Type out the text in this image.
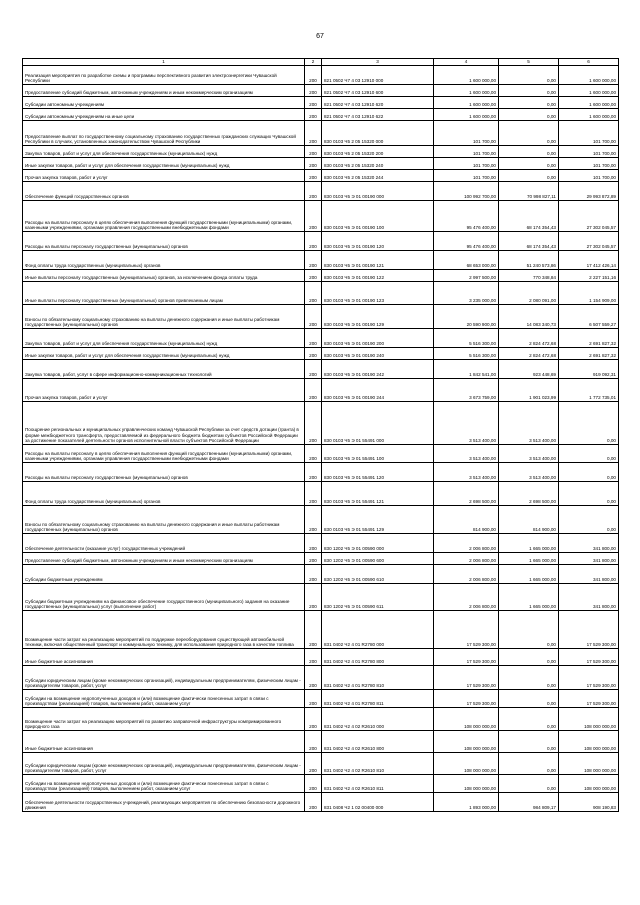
67
1	2	3	4	5	6
Реализация мероприятия по разработке схемы и программы перспективного развития электроэнергетики Чувашской Республики	200	821 0502 Ч7 4 03 12910 000	1 600 000,00	0,00	1 600 000,00
Предоставление субсидий бюджетным, автономным учреждениям и иным некоммерческим организациям	200	821 0502 Ч7 4 03 12910 600	1 600 000,00	0,00	1 600 000,00
Субсидии автономным учреждениям	200	821 0502 Ч7 4 03 12910 620	1 600 000,00	0,00	1 600 000,00
Субсидии автономным учреждениям на иные цели	200	821 0502 Ч7 4 03 12910 622	1 600 000,00	0,00	1 600 000,00
Предоставление выплат по государственному социальному страхованию государственных гражданских служащих Чувашской Республики в случаях, установленных законодательством Чувашской Республики	200	830 0103 Ч5 2 05 15320 000	101 700,00	0,00	101 700,00
Закупка товаров, работ и услуг для обеспечения государственных (муниципальных) нужд	200	830 0103 Ч5 2 05 15320 200	101 700,00	0,00	101 700,00
Иные закупки товаров, работ и услуг для обеспечения государственных (муниципальных) нужд	200	830 0103 Ч5 2 05 15320 240	101 700,00	0,00	101 700,00
Прочая закупка товаров, работ и услуг	200	830 0103 Ч5 2 05 15320 244	101 700,00	0,00	101 700,00
Обеспечение функций государственных органов	200	830 0103 Ч5 Э 01 00190 000	100 992 700,00	70 998 827,11	29 993 872,89
Расходы на выплаты персоналу в целях обеспечения выполнения функций государственными (муниципальными) органами, казенными учреждениями, органами управления государственными внебюджетными фондами	200	830 0103 Ч5 Э 01 00190 100	95 476 400,00	68 174 354,43	27 302 045,57
Расходы на выплаты персоналу государственных (муниципальных) органов	200	830 0103 Ч5 Э 01 00190 120	95 476 400,00	68 174 354,43	27 302 045,57
Фонд оплаты труда государственных (муниципальных) органов	200	830 0103 Ч5 Э 01 00190 121	68 653 000,00	51 240 573,86	17 412 426,14
Иные выплаты персоналу государственных (муниципальных) органов, за исключением фонда оплаты труда	200	830 0103 Ч5 Э 01 00190 122	2 997 500,00	770 348,84	2 227 151,16
Иные выплаты персоналу государственных (муниципальных) органов привлекаемым лицам	200	830 0103 Ч5 Э 01 00190 123	3 235 000,00	2 080 091,00	1 154 909,00
Взносы по обязательному социальному страхованию на выплаты денежного содержания и иные выплаты работникам государственных (муниципальных) органов	200	830 0103 Ч5 Э 01 00190 129	20 590 900,00	14 083 340,73	6 507 559,27
Закупка товаров, работ и услуг для обеспечения государственных (муниципальных) нужд	200	830 0103 Ч5 Э 01 00190 200	5 516 300,00	2 824 472,68	2 691 827,32
Иные закупки товаров, работ и услуг для обеспечения государственных (муниципальных) нужд	200	830 0103 Ч5 Э 01 00190 240	5 516 300,00	2 824 472,68	2 691 827,32
Закупка товаров, работ, услуг в сфере информационно-коммуникационных технологий	200	830 0103 Ч5 Э 01 00190 242	1 842 541,00	923 448,69	919 092,31
Прочая закупка товаров, работ и услуг	200	830 0103 Ч5 Э 01 00190 244	3 673 759,00	1 901 023,99	1 772 735,01
Поощрение региональных и муниципальных управленческих команд Чувашской Республики за счет средств дотации (гранта) в форме межбюджетного трансферта, предоставляемой из федерального бюджета бюджетам субъектов Российской Федерации за достижение показателей деятельности органов исполнительной власти субъектов Российской Федерации	200	830 0103 Ч5 Э 01 55491 000	3 513 400,00	3 513 400,00	0,00
Расходы на выплаты персоналу в целях обеспечения выполнения функций государственными (муниципальными) органами, казенными учреждениями, органами управления государственными внебюджетными фондами	200	830 0103 Ч5 Э 01 55491 100	3 513 400,00	3 513 400,00	0,00
Расходы на выплаты персоналу государственных (муниципальных) органов	200	830 0103 Ч5 Э 01 55491 120	3 513 400,00	3 513 400,00	0,00
Фонд оплаты труда государственных (муниципальных) органов	200	830 0103 Ч5 Э 01 55491 121	2 698 500,00	2 698 500,00	0,00
Взносы по обязательному социальному страхованию на выплаты денежного содержания и иные выплаты работникам государственных (муниципальных) органов	200	830 0103 Ч5 Э 01 55491 129	814 900,00	814 900,00	0,00
Обеспечение деятельности (оказание услуг) государственных учреждений	200	830 1202 Ч5 Э 01 00590 000	2 006 800,00	1 665 000,00	341 800,00
Предоставление субсидий бюджетным, автономным учреждениям и иным некоммерческим организациям	200	830 1202 Ч5 Э 01 00590 600	2 006 800,00	1 665 000,00	341 800,00
Субсидии бюджетным учреждениям	200	830 1202 Ч5 Э 01 00590 610	2 006 800,00	1 665 000,00	341 800,00
Субсидии бюджетным учреждениям на финансовое обеспечение государственного (муниципального) задания на оказание государственных (муниципальных) услуг (выполнение работ)	200	830 1202 Ч5 Э 01 00590 611	2 006 800,00	1 665 000,00	341 800,00
Возмещение части затрат на реализацию мероприятий по поддержке переоборудования существующей автомобильной техники, включая общественный транспорт и коммунальную технику, для использования природного газа в качестве топлива	200	831 0402 Ч2 4 01 R2780 000	17 529 300,00	0,00	17 529 300,00
Иные бюджетные ассигнования	200	831 0402 Ч2 4 01 R2780 800	17 529 300,00	0,00	17 529 300,00
Субсидии юридическим лицам (кроме некоммерческих организаций), индивидуальным предпринимателям, физическим лицам - производителям товаров, работ, услуг	200	831 0402 Ч2 4 01 R2780 810	17 529 300,00	0,00	17 529 300,00
Субсидии на возмещение недополученных доходов и (или) возмещение фактически понесенных затрат в связи с производством (реализацией) товаров, выполнением работ, оказанием услуг	200	831 0402 Ч2 4 01 R2780 811	17 529 300,00	0,00	17 529 300,00
Возмещение части затрат на реализацию мероприятий по развитию заправочной инфраструктуры компримированного природного газа	200	831 0402 Ч2 4 02 R2610 000	108 000 000,00	0,00	108 000 000,00
Иные бюджетные ассигнования	200	831 0402 Ч2 4 02 R2610 800	108 000 000,00	0,00	108 000 000,00
Субсидии юридическим лицам (кроме некоммерческих организаций), индивидуальным предпринимателям, физическим лицам - производителям товаров, работ, услуг	200	831 0402 Ч2 4 02 R2610 810	108 000 000,00	0,00	108 000 000,00
Субсидии на возмещение недополученных доходов и (или) возмещение фактически понесенных затрат в связи с производством (реализацией) товаров, выполнением работ, оказанием услуг	200	831 0402 Ч2 4 02 R2610 811	108 000 000,00	0,00	108 000 000,00
Обеспечение деятельности государственных учреждений, реализующих мероприятия по обеспечению безопасности дорожного движения	200	831 0408 Ч2 1 02 00400 000	1 893 000,00	984 809,17	908 190,83
